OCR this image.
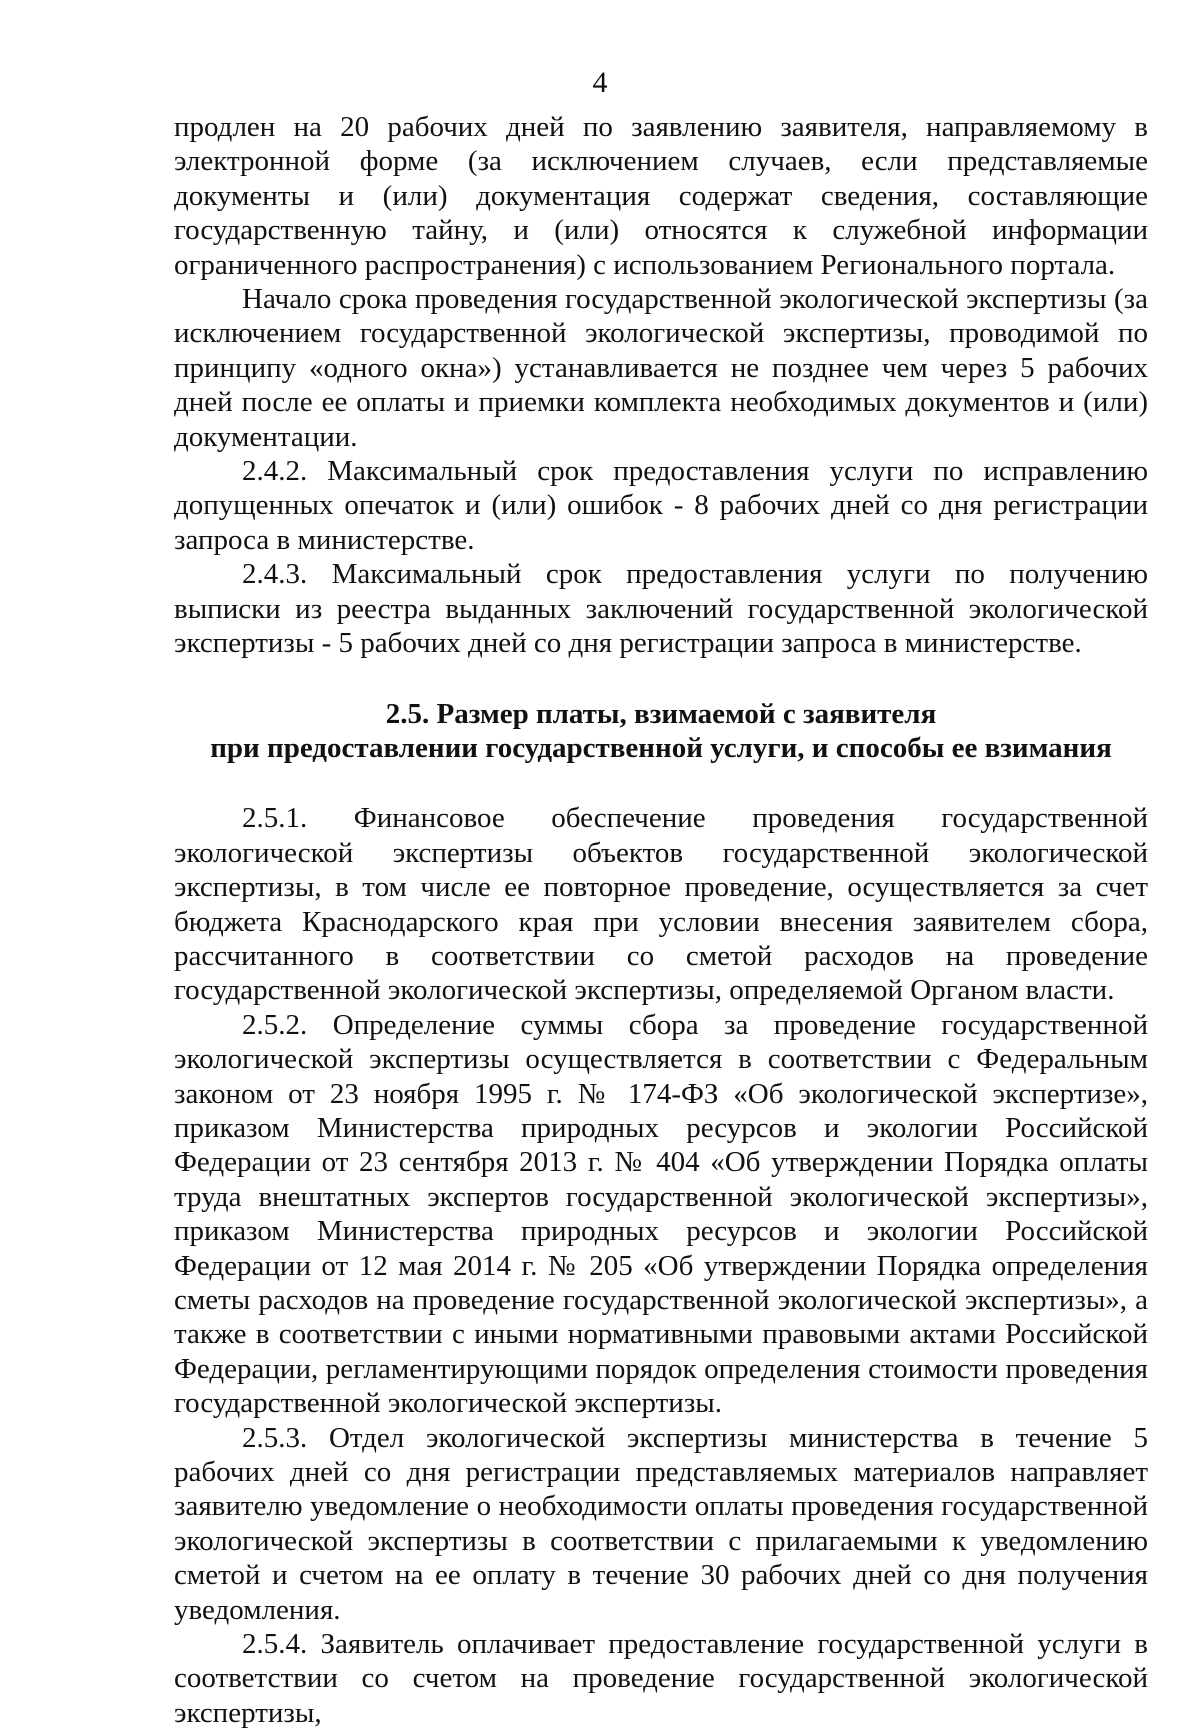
4

продлен на 20 рабочих дней по заявлению заявителя, направляемому в электронной форме (за исключением случаев, если представляемые документы и (или) документация содержат сведения, составляющие государственную тайну, и (или) относятся к служебной информации ограниченного распространения) с использованием Регионального портала.

Начало срока проведения государственной экологической экспертизы (за исключением государственной экологической экспертизы, проводимой по принципу «одного окна») устанавливается не позднее чем через 5 рабочих дней после ее оплаты и приемки комплекта необходимых документов и (или) документации.

2.4.2. Максимальный срок предоставления услуги по исправлению допущенных опечаток и (или) ошибок - 8 рабочих дней со дня регистрации запроса в министерстве.

2.4.3. Максимальный срок предоставления услуги по получению выписки из реестра выданных заключений государственной экологической экспертизы - 5 рабочих дней со дня регистрации запроса в министерстве.

2.5. Размер платы, взимаемой с заявителя
при предоставлении государственной услуги, и способы ее взимания

2.5.1. Финансовое обеспечение проведения государственной экологической экспертизы объектов государственной экологической экспертизы, в том числе ее повторное проведение, осуществляется за счет бюджета Краснодарского края при условии внесения заявителем сбора, рассчитанного в соответствии со сметой расходов на проведение государственной экологической экспертизы, определяемой Органом власти.

2.5.2. Определение суммы сбора за проведение государственной экологической экспертизы осуществляется в соответствии с Федеральным законом от 23 ноября 1995 г. № 174-ФЗ «Об экологической экспертизе», приказом Министерства природных ресурсов и экологии Российской Федерации от 23 сентября 2013 г. № 404 «Об утверждении Порядка оплаты труда внештатных экспертов государственной экологической экспертизы», приказом Министерства природных ресурсов и экологии Российской Федерации от 12 мая 2014 г. № 205 «Об утверждении Порядка определения сметы расходов на проведение государственной экологической экспертизы», а также в соответствии с иными нормативными правовыми актами Российской Федерации, регламентирующими порядок определения стоимости проведения государственной экологической экспертизы.

2.5.3. Отдел экологической экспертизы министерства в течение 5 рабочих дней со дня регистрации представляемых материалов направляет заявителю уведомление о необходимости оплаты проведения государственной экологической экспертизы в соответствии с прилагаемыми к уведомлению сметой и счетом на ее оплату в течение 30 рабочих дней со дня получения уведомления.

2.5.4. Заявитель оплачивает предоставление государственной услуги в соответствии со счетом на проведение государственной экологической экспертизы,
